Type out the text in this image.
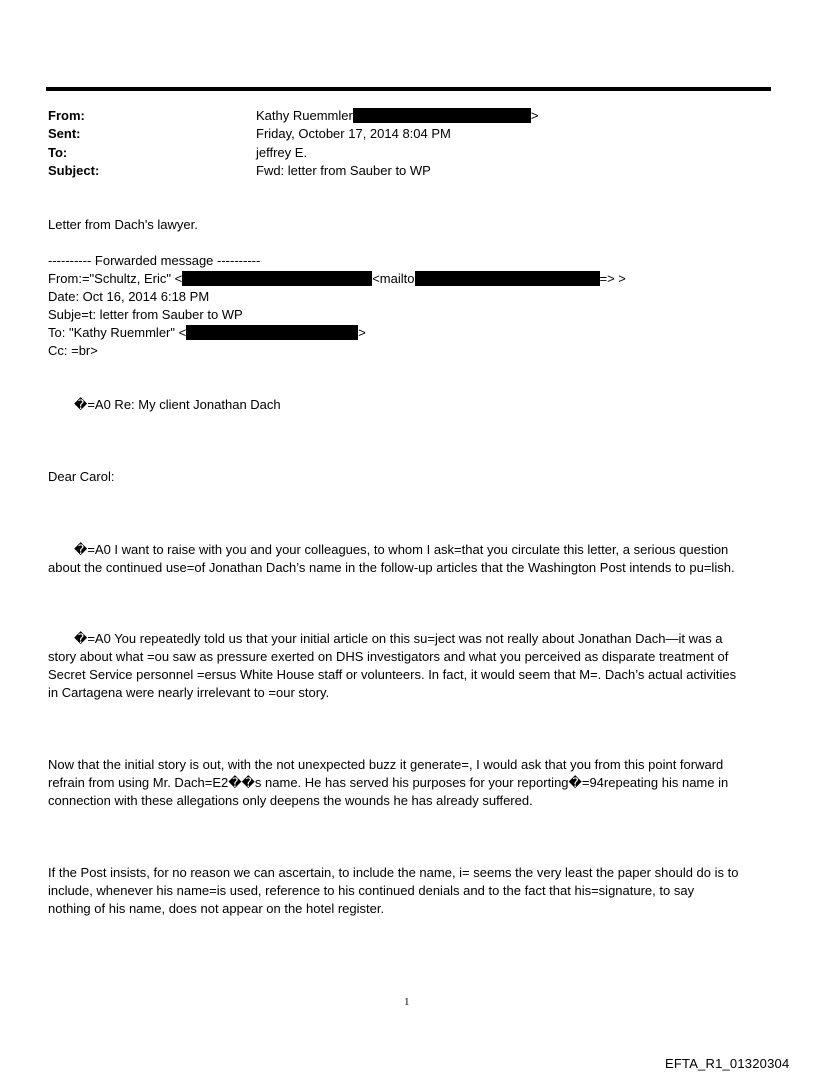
From:	Kathy Ruemmler	>
Sent:	Friday, October 17, 2014 8:04 PM
To:	jeffrey E.
Subject:	Fwd: letter from Sauber to WP
Letter from Dach's lawyer.
---------- Forwarded message ----------
From:="Schultz, Eric" <	<mailto	=> >
Date: Oct 16, 2014 6:18 PM
Subje=t: letter from Sauber to WP
To: "Kathy Ruemmler" <	>
Cc: =br>
�=A0 Re: My client Jonathan Dach
Dear Carol:
�=A0 I want to raise with you and your colleagues, to whom I ask=that you circulate this letter, a serious question
about the continued use=of Jonathan Dach’s name in the follow-up articles that the Washington Post intends to pu=lish.
�=A0 You repeatedly told us that your initial article on this su=ject was not really about Jonathan Dach—it was a
story about what =ou saw as pressure exerted on DHS investigators and what you perceived as disparate treatment of
Secret Service personnel =ersus White House staff or volunteers. In fact, it would seem that M=. Dach’s actual activities
in Cartagena were nearly irrelevant to =our story.
Now that the initial story is out, with the not unexpected buzz it generate=, I would ask that you from this point forward
refrain from using Mr. Dach=E2��s name. He has served his purposes for your reporting�=94repeating his name in
connection with these allegations only deepens the wounds he has already suffered.
If the Post insists, for no reason we can ascertain, to include the name, i= seems the very least the paper should do is to
include, whenever his name=is used, reference to his continued denials and to the fact that his=signature, to say
nothing of his name, does not appear on the hotel register.
1
EFTA_R1_01320304
